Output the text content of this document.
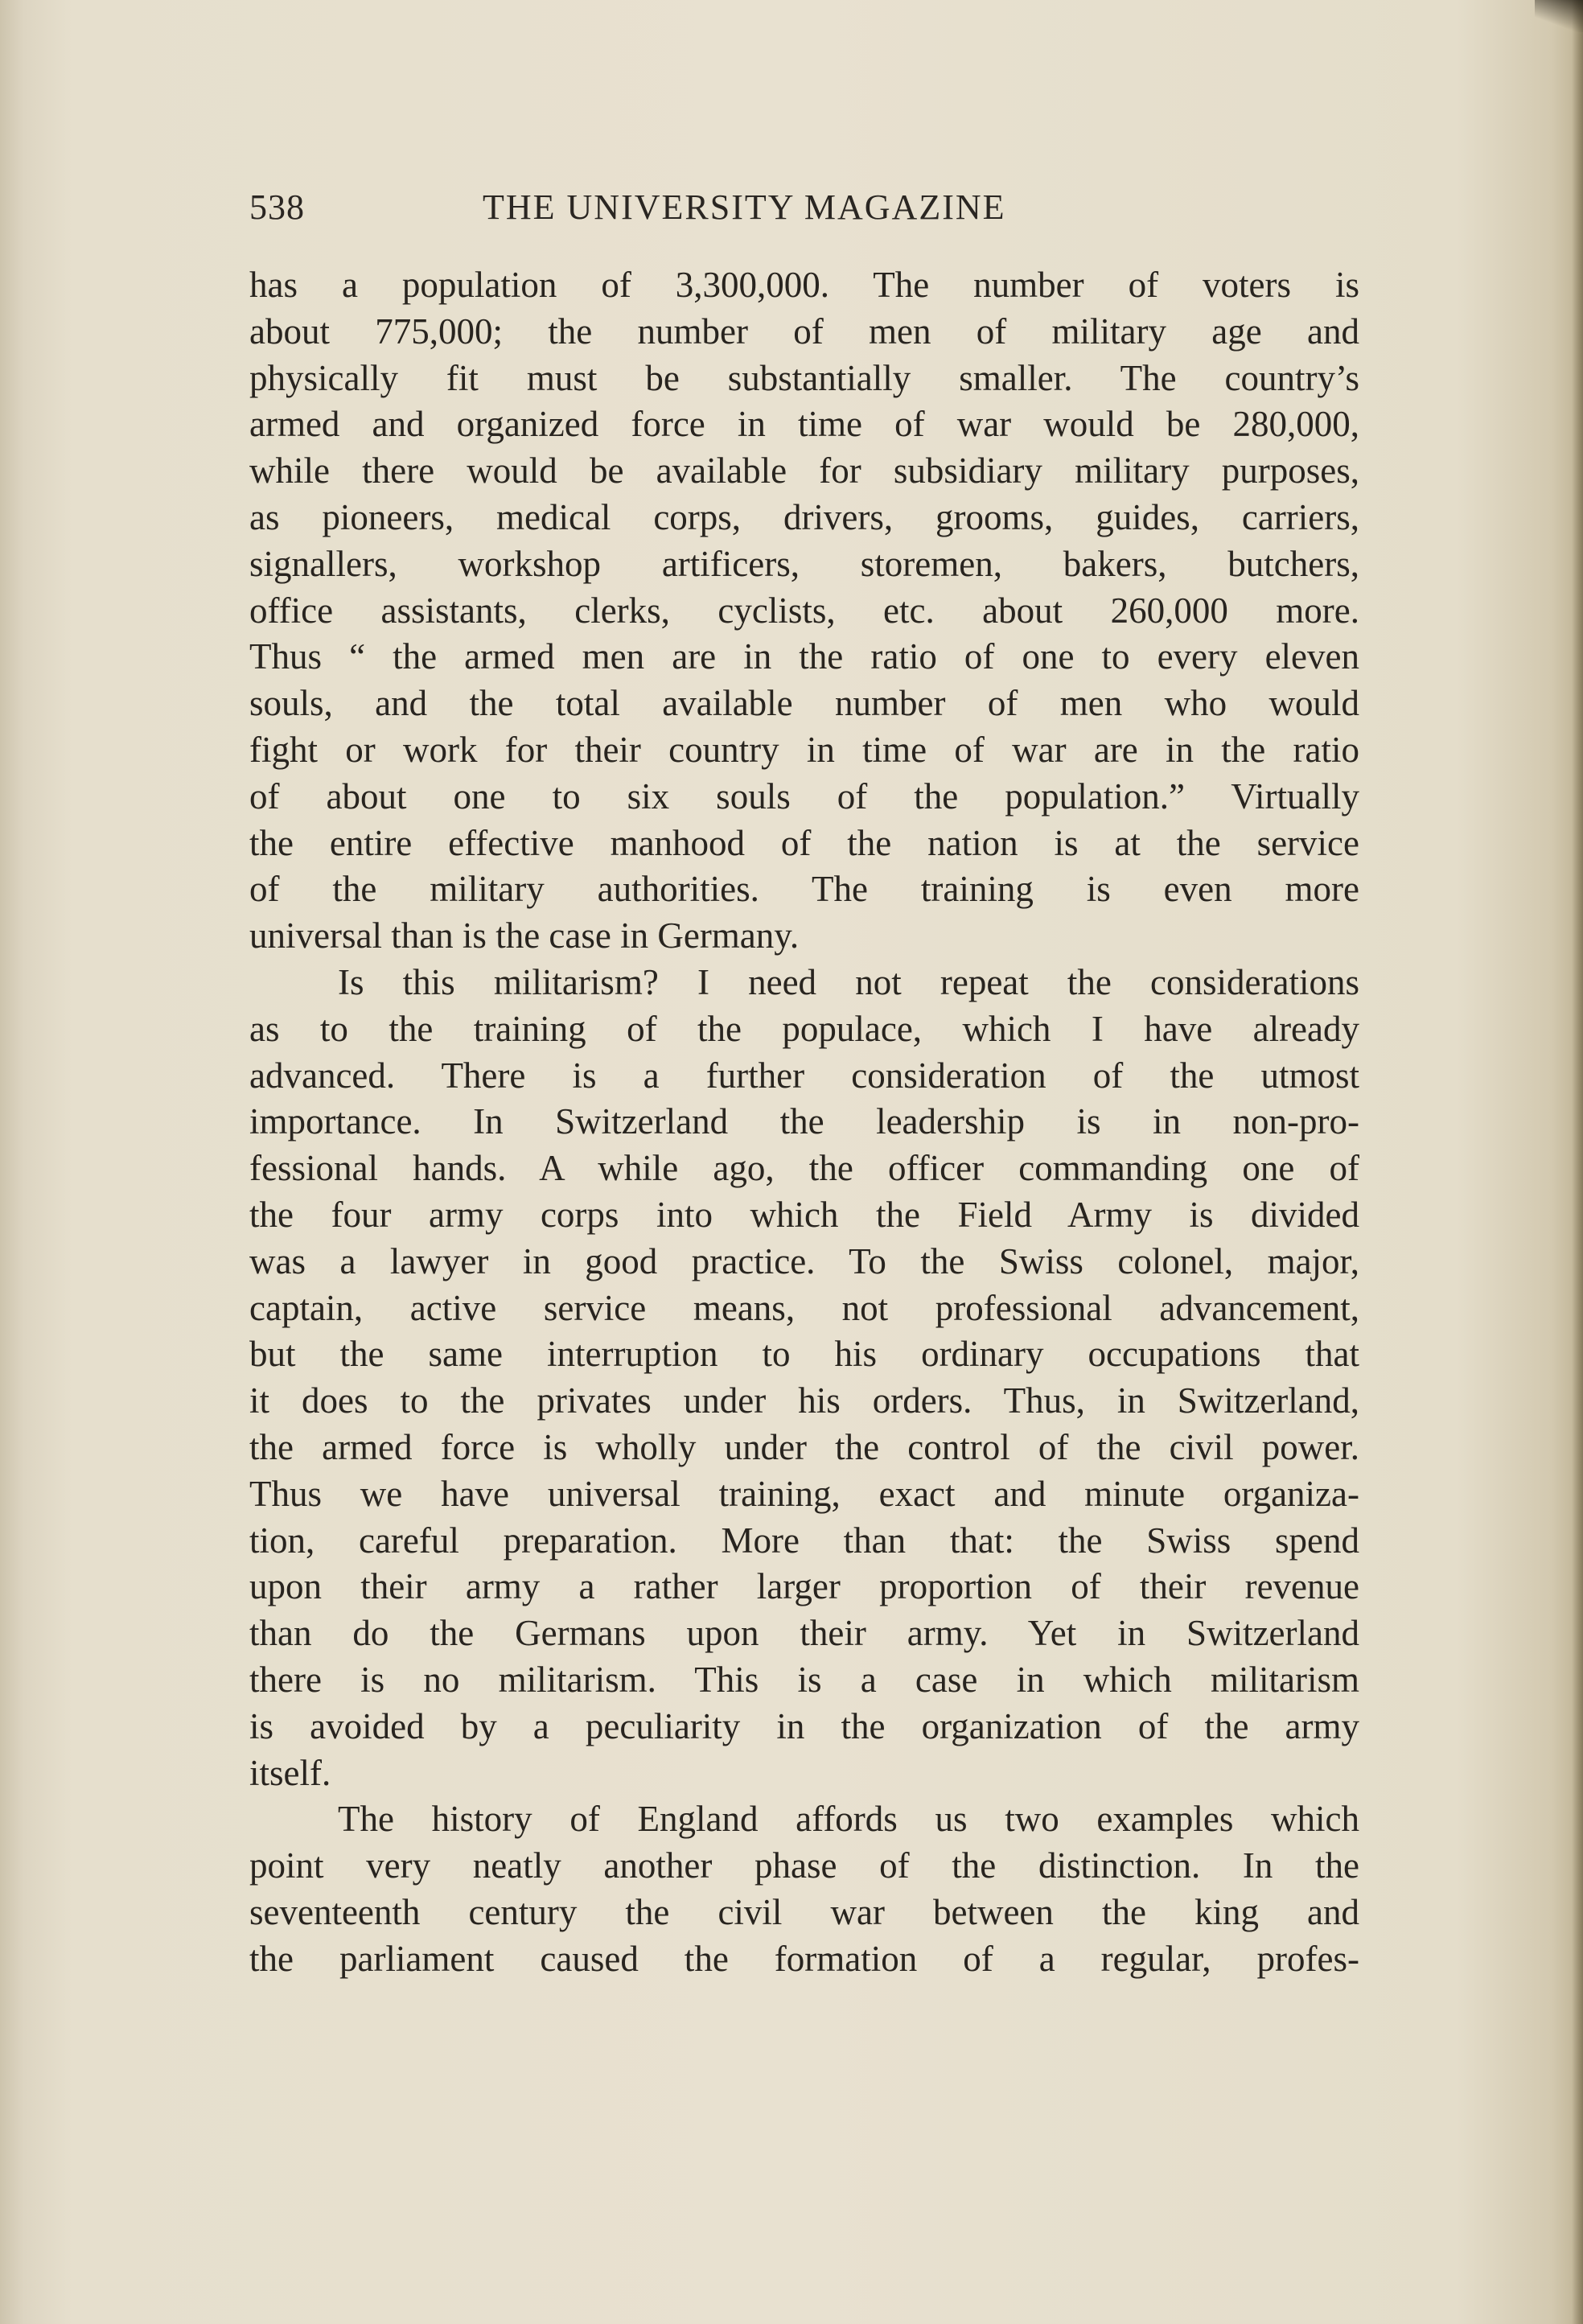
538	THE UNIVERSITY MAGAZINE
has a population of 3,300,000. The number of voters is
about 775,000; the number of men of military age and
physically fit must be substantially smaller. The country’s
armed and organized force in time of war would be 280,000,
while there would be available for subsidiary military purposes,
as pioneers, medical corps, drivers, grooms, guides, carriers,
signallers, workshop artificers, storemen, bakers, butchers,
office assistants, clerks, cyclists, etc. about 260,000 more.
Thus “ the armed men are in the ratio of one to every eleven
souls, and the total available number of men who would
fight or work for their country in time of war are in the ratio
of about one to six souls of the population.” Virtually
the entire effective manhood of the nation is at the service
of the military authorities. The training is even more
universal than is the case in Germany.
Is this militarism? I need not repeat the considerations
as to the training of the populace, which I have already
advanced. There is a further consideration of the utmost
importance. In Switzerland the leadership is in non-pro-
fessional hands. A while ago, the officer commanding one of
the four army corps into which the Field Army is divided
was a lawyer in good practice. To the Swiss colonel, major,
captain, active service means, not professional advancement,
but the same interruption to his ordinary occupations that
it does to the privates under his orders. Thus, in Switzerland,
the armed force is wholly under the control of the civil power.
Thus we have universal training, exact and minute organiza-
tion, careful preparation. More than that: the Swiss spend
upon their army a rather larger proportion of their revenue
than do the Germans upon their army. Yet in Switzerland
there is no militarism. This is a case in which militarism
is avoided by a peculiarity in the organization of the army
itself.
The history of England affords us two examples which
point very neatly another phase of the distinction. In the
seventeenth century the civil war between the king and
the parliament caused the formation of a regular, profes-
